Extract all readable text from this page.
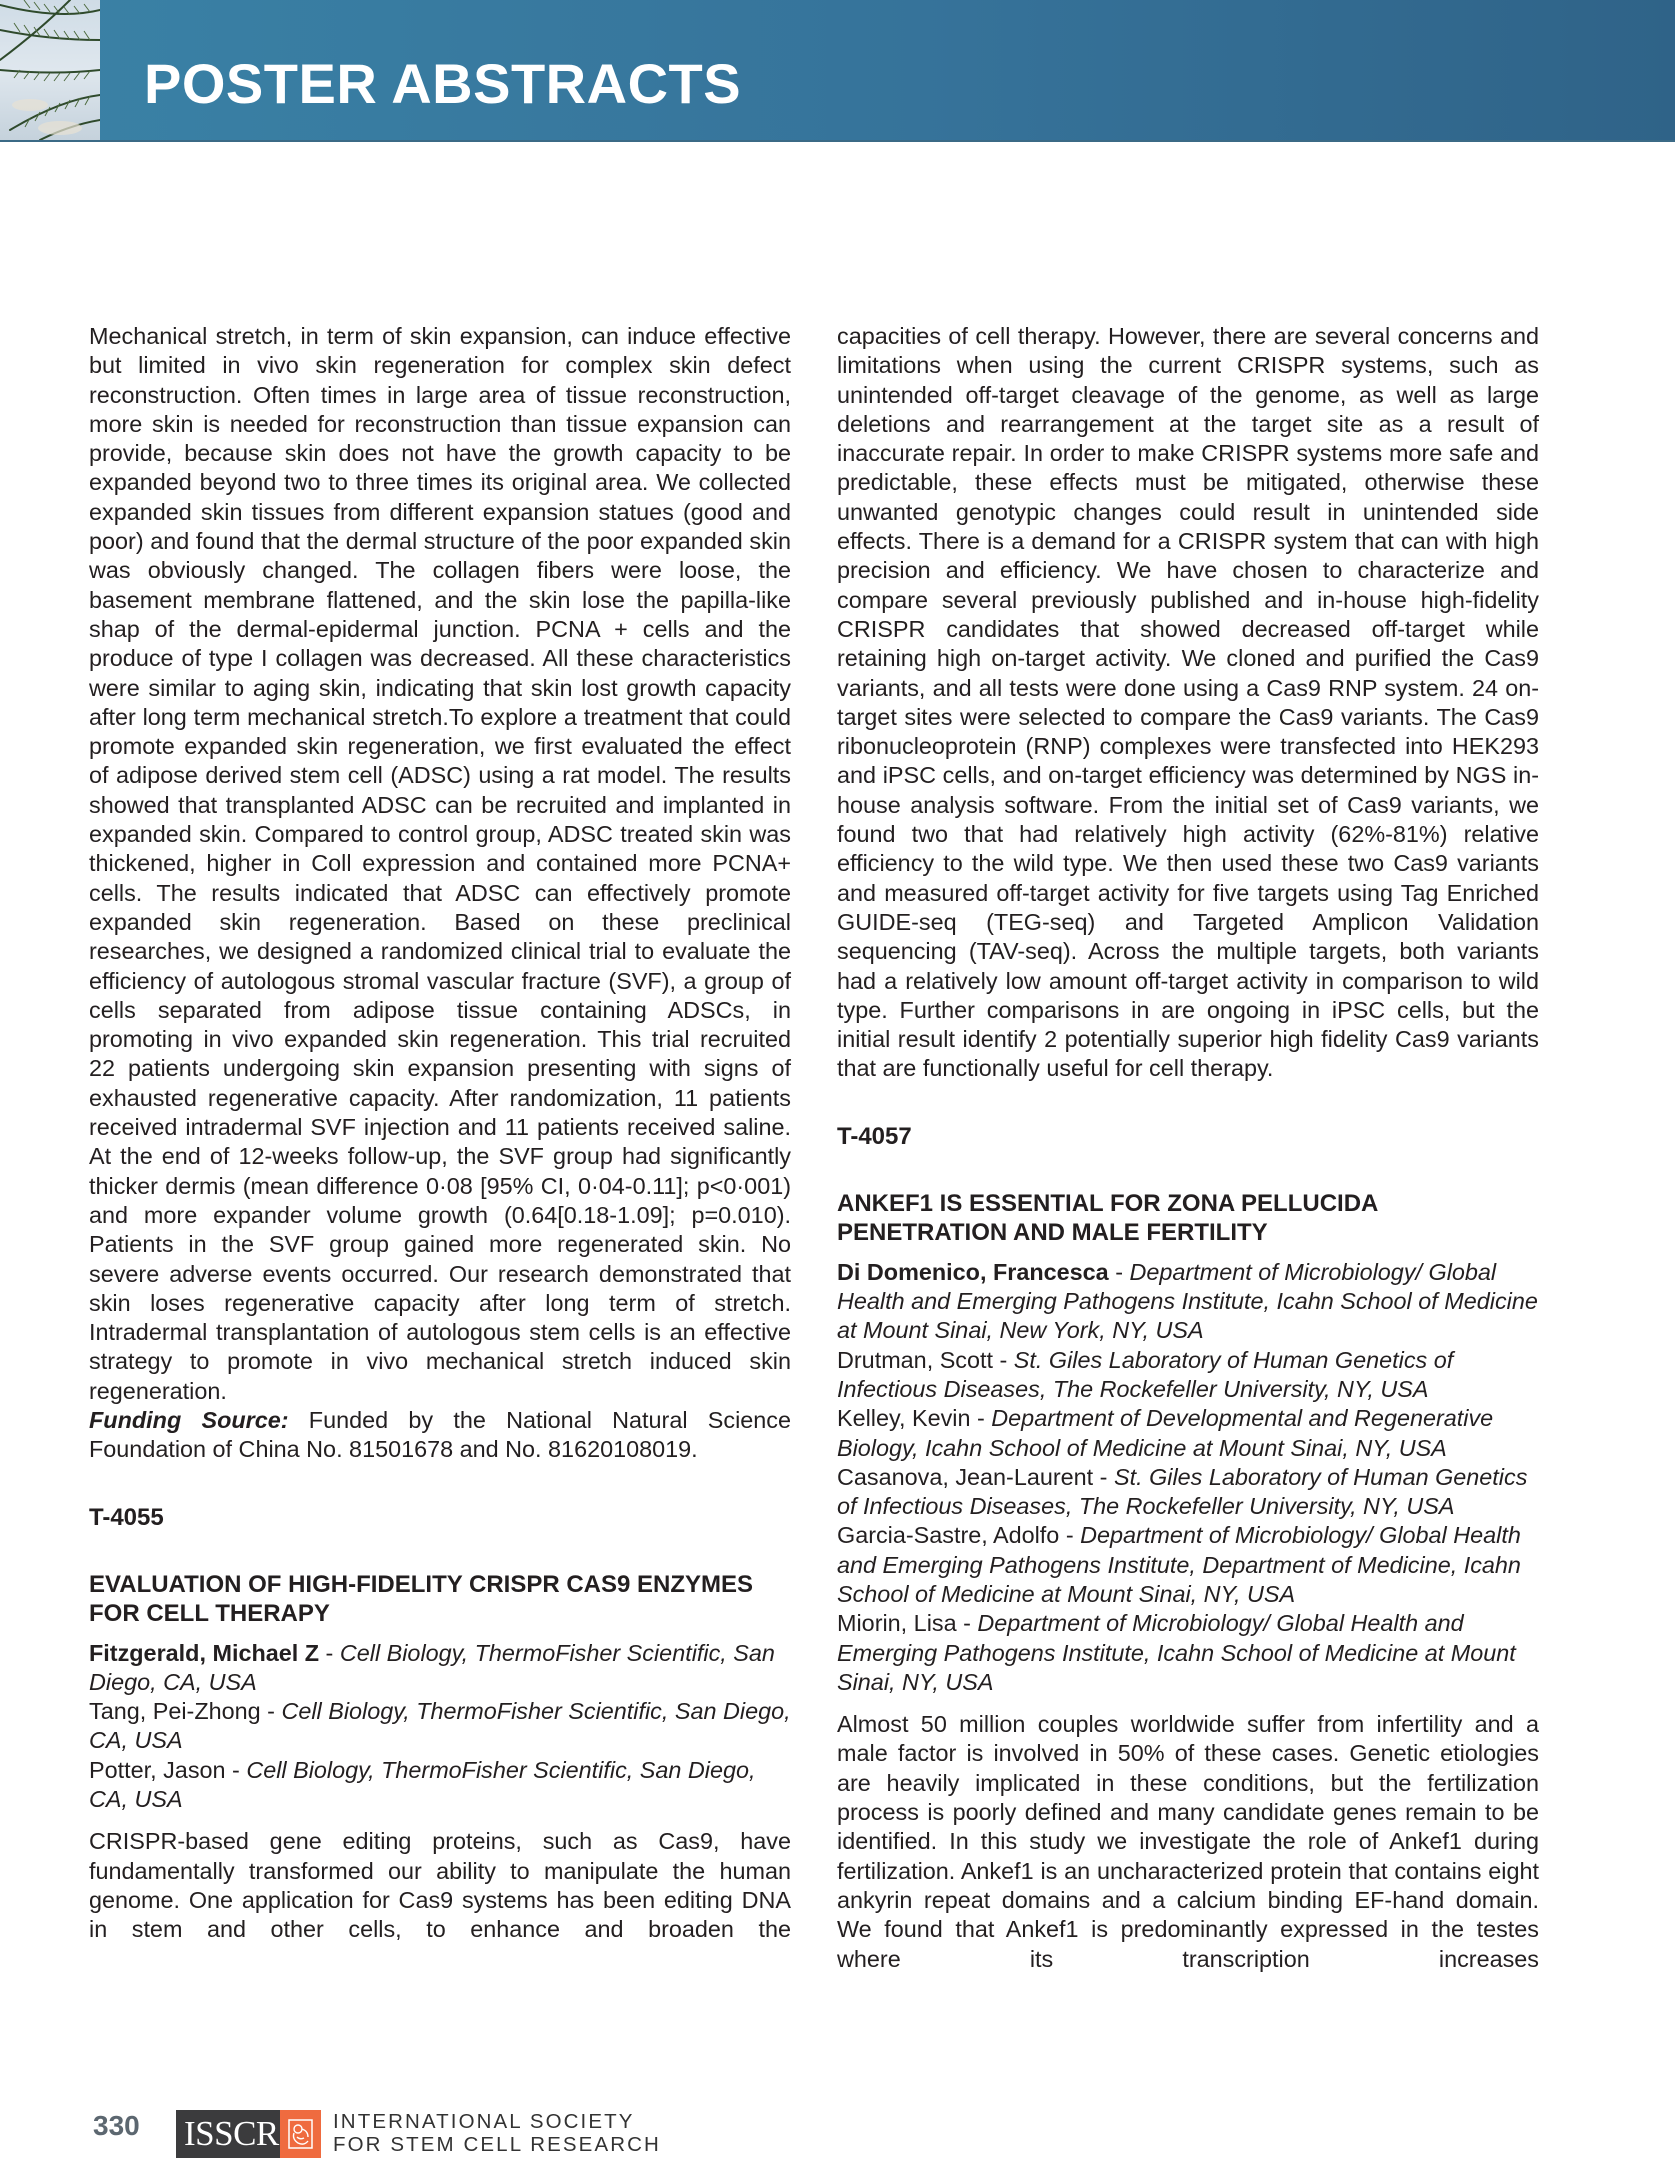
POSTER ABSTRACTS

Mechanical stretch, in term of skin expansion, can induce effective but limited in vivo skin regeneration for complex skin defect reconstruction. Often times in large area of tissue reconstruction, more skin is needed for reconstruction than tissue expansion can provide, because skin does not have the growth capacity to be expanded beyond two to three times its original area. We collected expanded skin tissues from different expansion statues (good and poor) and found that the dermal structure of the poor expanded skin was obviously changed. The collagen fibers were loose, the basement membrane flattened, and the skin lose the papilla-like shap of the dermal-epidermal junction. PCNA + cells and the produce of type I collagen was decreased. All these characteristics were similar to aging skin, indicating that skin lost growth capacity after long term mechanical stretch.To explore a treatment that could promote expanded skin regeneration, we first evaluated the effect of adipose derived stem cell (ADSC) using a rat model. The results showed that transplanted ADSC can be recruited and implanted in expanded skin. Compared to control group, ADSC treated skin was thickened, higher in Coll expression and contained more PCNA+ cells. The results indicated that ADSC can effectively promote expanded skin regeneration. Based on these preclinical researches, we designed a randomized clinical trial to evaluate the efficiency of autologous stromal vascular fracture (SVF), a group of cells separated from adipose tissue containing ADSCs, in promoting in vivo expanded skin regeneration. This trial recruited 22 patients undergoing skin expansion presenting with signs of exhausted regenerative capacity. After randomization, 11 patients received intradermal SVF injection and 11 patients received saline. At the end of 12-weeks follow-up, the SVF group had significantly thicker dermis (mean difference 0·08 [95% CI, 0·04-0.11]; p<0·001) and more expander volume growth (0.64[0.18-1.09]; p=0.010). Patients in the SVF group gained more regenerated skin. No severe adverse events occurred. Our research demonstrated that skin loses regenerative capacity after long term of stretch. Intradermal transplantation of autologous stem cells is an effective strategy to promote in vivo mechanical stretch induced skin regeneration.

Funding Source: Funded by the National Natural Science Foundation of China No. 81501678 and No. 81620108019.

T-4055
EVALUATION OF HIGH-FIDELITY CRISPR CAS9 ENZYMES FOR CELL THERAPY
Fitzgerald, Michael Z - Cell Biology, ThermoFisher Scientific, San Diego, CA, USA
Tang, Pei-Zhong - Cell Biology, ThermoFisher Scientific, San Diego, CA, USA
Potter, Jason - Cell Biology, ThermoFisher Scientific, San Diego, CA, USA

CRISPR-based gene editing proteins, such as Cas9, have fundamentally transformed our ability to manipulate the human genome. One application for Cas9 systems has been editing DNA in stem and other cells, to enhance and broaden the

capacities of cell therapy. However, there are several concerns and limitations when using the current CRISPR systems, such as unintended off-target cleavage of the genome, as well as large deletions and rearrangement at the target site as a result of inaccurate repair. In order to make CRISPR systems more safe and predictable, these effects must be mitigated, otherwise these unwanted genotypic changes could result in unintended side effects. There is a demand for a CRISPR system that can with high precision and efficiency. We have chosen to characterize and compare several previously published and in-house high-fidelity CRISPR candidates that showed decreased off-target while retaining high on-target activity. We cloned and purified the Cas9 variants, and all tests were done using a Cas9 RNP system. 24 on-target sites were selected to compare the Cas9 variants. The Cas9 ribonucleoprotein (RNP) complexes were transfected into HEK293 and iPSC cells, and on-target efficiency was determined by NGS in-house analysis software. From the initial set of Cas9 variants, we found two that had relatively high activity (62%-81%) relative efficiency to the wild type. We then used these two Cas9 variants and measured off-target activity for five targets using Tag Enriched GUIDE-seq (TEG-seq) and Targeted Amplicon Validation sequencing (TAV-seq). Across the multiple targets, both variants had a relatively low amount off-target activity in comparison to wild type. Further comparisons in are ongoing in iPSC cells, but the initial result identify 2 potentially superior high fidelity Cas9 variants that are functionally useful for cell therapy.

T-4057
ANKEF1 IS ESSENTIAL FOR ZONA PELLUCIDA PENETRATION AND MALE FERTILITY
Di Domenico, Francesca - Department of Microbiology/ Global Health and Emerging Pathogens Institute, Icahn School of Medicine at Mount Sinai, New York, NY, USA
Drutman, Scott - St. Giles Laboratory of Human Genetics of Infectious Diseases, The Rockefeller University, NY, USA
Kelley, Kevin - Department of Developmental and Regenerative Biology, Icahn School of Medicine at Mount Sinai, NY, USA
Casanova, Jean-Laurent - St. Giles Laboratory of Human Genetics of Infectious Diseases, The Rockefeller University, NY, USA
Garcia-Sastre, Adolfo - Department of Microbiology/ Global Health and Emerging Pathogens Institute, Department of Medicine, Icahn School of Medicine at Mount Sinai, NY, USA
Miorin, Lisa - Department of Microbiology/ Global Health and Emerging Pathogens Institute, Icahn School of Medicine at Mount Sinai, NY, USA

Almost 50 million couples worldwide suffer from infertility and a male factor is involved in 50% of these cases. Genetic etiologies are heavily implicated in these conditions, but the fertilization process is poorly defined and many candidate genes remain to be identified. In this study we investigate the role of Ankef1 during fertilization. Ankef1 is an uncharacterized protein that contains eight ankyrin repeat domains and a calcium binding EF-hand domain. We found that Ankef1 is predominantly expressed in the testes where its transcription increases

330 ISSCR	INTERNATIONAL SOCIETY
FOR STEM CELL RESEARCH
